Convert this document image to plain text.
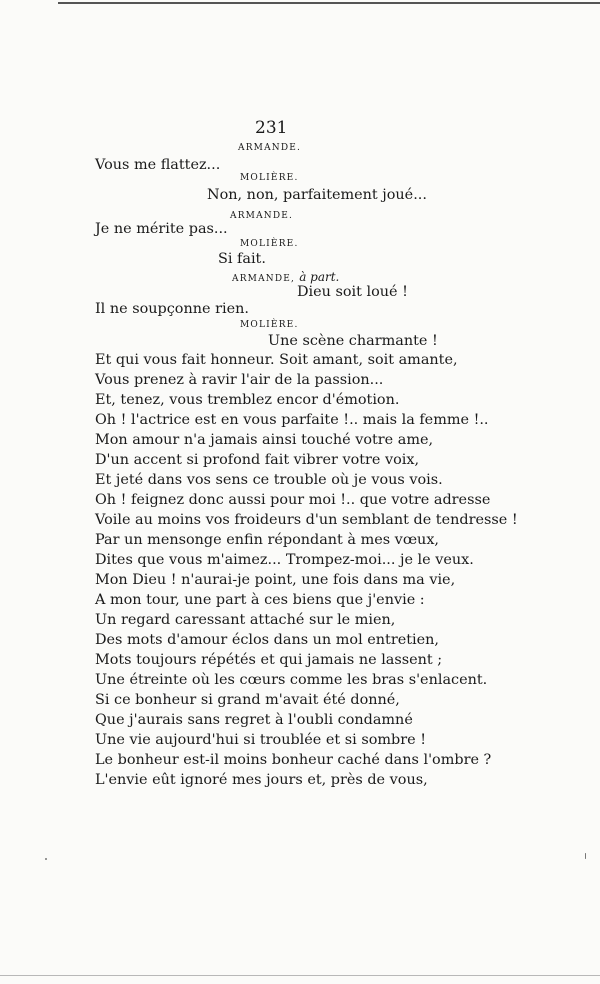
231
ARMANDE.
Vous me flattez...
MOLIÈRE.
Non, non, parfaitement joué...
ARMANDE.
Je ne mérite pas...
MOLIÈRE.
Si fait.
ARMANDE, à part.
Dieu soit loué !
Il ne soupçonne rien.
MOLIÈRE.
Une scène charmante !
Et qui vous fait honneur. Soit amant, soit amante,
Vous prenez à ravir l'air de la passion...
Et, tenez, vous tremblez encor d'émotion.
Oh ! l'actrice est en vous parfaite !.. mais la femme !..
Mon amour n'a jamais ainsi touché votre ame,
D'un accent si profond fait vibrer votre voix,
Et jeté dans vos sens ce trouble où je vous vois.
Oh ! feignez donc aussi pour moi !.. que votre adresse
Voile au moins vos froideurs d'un semblant de tendresse !
Par un mensonge enfin répondant à mes vœux,
Dites que vous m'aimez... Trompez-moi... je le veux.
Mon Dieu ! n'aurai-je point, une fois dans ma vie,
A mon tour, une part à ces biens que j'envie :
Un regard caressant attaché sur le mien,
Des mots d'amour éclos dans un mol entretien,
Mots toujours répétés et qui jamais ne lassent ;
Une étreinte où les cœurs comme les bras s'enlacent.
Si ce bonheur si grand m'avait été donné,
Que j'aurais sans regret à l'oubli condamné
Une vie aujourd'hui si troublée et si sombre !
Le bonheur est-il moins bonheur caché dans l'ombre ?
L'envie eût ignoré mes jours et, près de vous,
